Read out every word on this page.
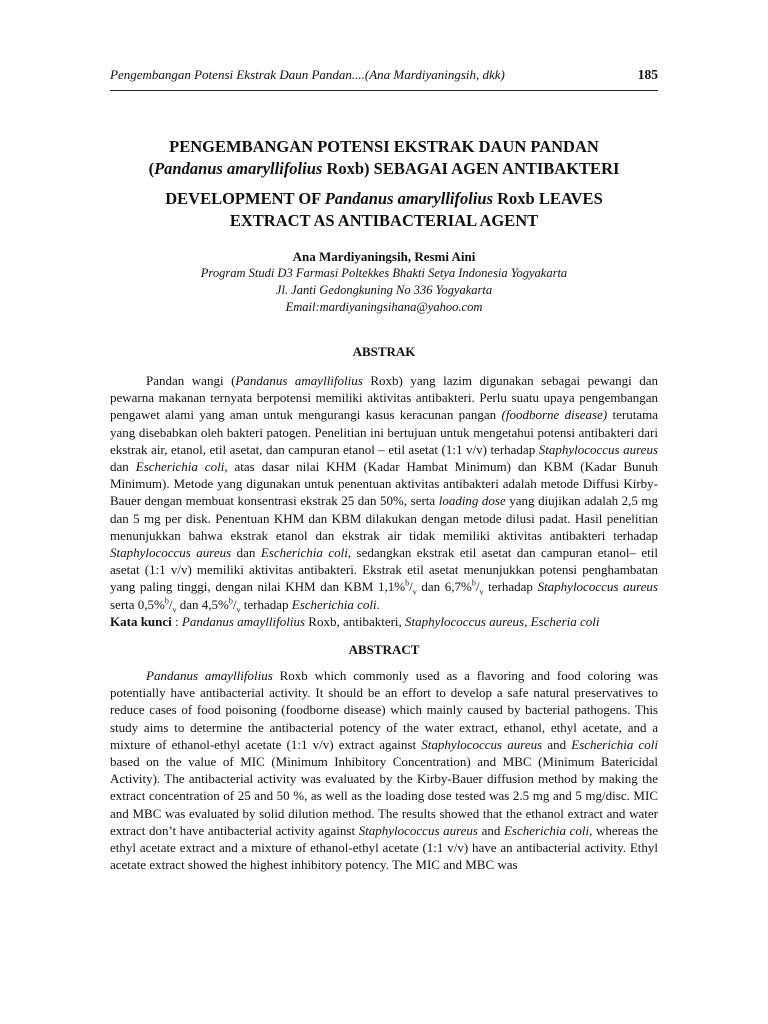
Pengembangan Potensi Ekstrak Daun Pandan....(Ana Mardiyaningsih, dkk)	185
PENGEMBANGAN POTENSI EKSTRAK DAUN PANDAN
(Pandanus amaryllifolius Roxb) SEBAGAI AGEN ANTIBAKTERI
DEVELOPMENT OF Pandanus amaryllifolius Roxb LEAVES
EXTRACT AS ANTIBACTERIAL AGENT
Ana Mardiyaningsih, Resmi Aini
Program Studi D3 Farmasi Poltekkes Bhakti Setya Indonesia Yogyakarta
Jl. Janti Gedongkuning No 336 Yogyakarta
Email:mardiyaningsihana@yahoo.com
ABSTRAK

Pandan wangi (Pandanus amayllifolius Roxb) yang lazim digunakan sebagai pewangi dan pewarna makanan ternyata berpotensi memiliki aktivitas antibakteri. Perlu suatu upaya pengembangan pengawet alami yang aman untuk mengurangi kasus keracunan pangan (foodborne disease) terutama yang disebabkan oleh bakteri patogen. Penelitian ini bertujuan untuk mengetahui potensi antibakteri dari ekstrak air, etanol, etil asetat, dan campuran etanol – etil asetat (1:1 v/v) terhadap Staphylococcus aureus dan Escherichia coli, atas dasar nilai KHM (Kadar Hambat Minimum) dan KBM (Kadar Bunuh Minimum). Metode yang digunakan untuk penentuan aktivitas antibakteri adalah metode Diffusi Kirby-Bauer dengan membuat konsentrasi ekstrak 25 dan 50%, serta loading dose yang diujikan adalah 2,5 mg dan 5 mg per disk. Penentuan KHM dan KBM dilakukan dengan metode dilusi padat. Hasil penelitian menunjukkan bahwa ekstrak etanol dan ekstrak air tidak memiliki aktivitas antibakteri terhadap Staphylococcus aureus dan Escherichia coli, sedangkan ekstrak etil asetat dan campuran etanol– etil asetat (1:1 v/v) memiliki aktivitas antibakteri. Ekstrak etil asetat menunjukkan potensi penghambatan yang paling tinggi, dengan nilai KHM dan KBM $1,1\%^b/_v$ dan $6,7\%^b/_v$ terhadap Staphylococcus aureus serta $0,5\%^b/_v$ dan $4,5\%^b/_v$ terhadap Escherichia coli.

Kata kunci : Pandanus amayllifolius Roxb, antibakteri, Staphylococcus aureus, Escheria coli
ABSTRACT

Pandanus amayllifolius Roxb which commonly used as a flavoring and food coloring was potentially have antibacterial activity. It should be an effort to develop a safe natural preservatives to reduce cases of food poisoning (foodborne disease) which mainly caused by bacterial pathogens. This study aims to determine the antibacterial potency of the water extract, ethanol, ethyl acetate, and a mixture of ethanol-ethyl acetate (1:1 v/v) extract against Staphylococcus aureus and Escherichia coli based on the value of MIC (Minimum Inhibitory Concentration) and MBC (Minimum Batericidal Activity). The antibacterial activity was evaluated by the Kirby-Bauer diffusion method by making the extract concentration of 25 and 50 %, as well as the loading dose tested was 2.5 mg and 5 mg/disc. MIC and MBC was evaluated by solid dilution method. The results showed that the ethanol extract and water extract don’t have antibacterial activity against Staphylococcus aureus and Escherichia coli, whereas the ethyl acetate extract and a mixture of ethanol-ethyl acetate (1:1 v/v) have an antibacterial activity. Ethyl acetate extract showed the highest inhibitory potency. The MIC and MBC was
